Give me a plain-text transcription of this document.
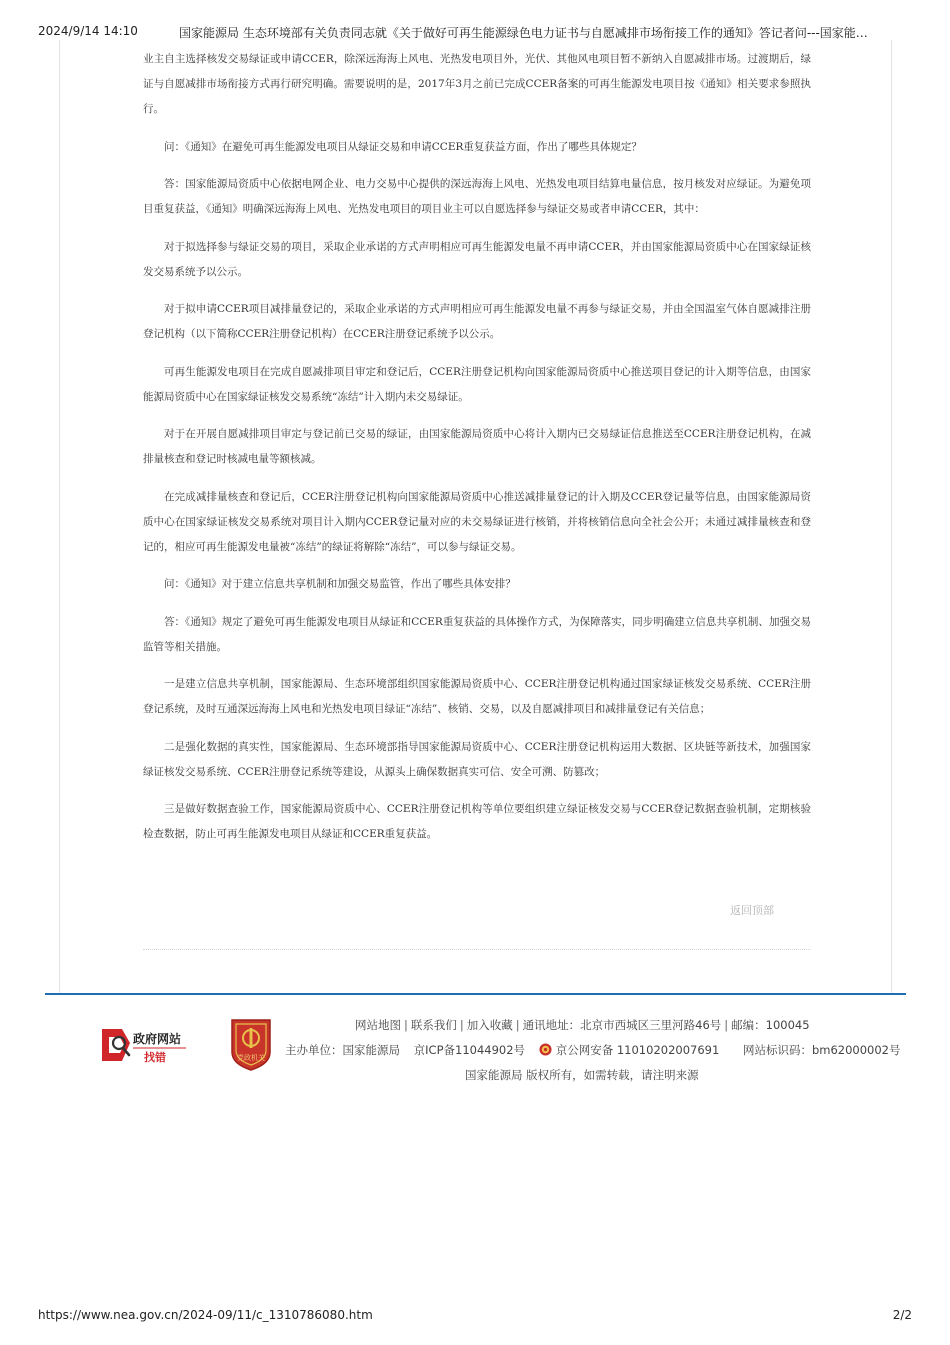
2024/9/14 14:10	国家能源局 生态环境部有关负责同志就《关于做好可再生能源绿色电力证书与自愿减排市场衔接工作的通知》答记者问---国家能…

业主自主选择核发交易绿证或申请CCER，除深远海海上风电、光热发电项目外，光伏、其他风电项目暂不新纳入自愿减排市场。过渡期后，绿证与自愿减排市场衔接方式再行研究明确。需要说明的是，2017年3月之前已完成CCER备案的可再生能源发电项目按《通知》相关要求参照执行。

问：《通知》在避免可再生能源发电项目从绿证交易和申请CCER重复获益方面，作出了哪些具体规定？

答：国家能源局资质中心依据电网企业、电力交易中心提供的深远海海上风电、光热发电项目结算电量信息，按月核发对应绿证。为避免项目重复获益，《通知》明确深远海海上风电、光热发电项目的项目业主可以自愿选择参与绿证交易或者申请CCER，其中：

对于拟选择参与绿证交易的项目，采取企业承诺的方式声明相应可再生能源发电量不再申请CCER，并由国家能源局资质中心在国家绿证核发交易系统予以公示。

对于拟申请CCER项目减排量登记的，采取企业承诺的方式声明相应可再生能源发电量不再参与绿证交易，并由全国温室气体自愿减排注册登记机构（以下简称CCER注册登记机构）在CCER注册登记系统予以公示。

可再生能源发电项目在完成自愿减排项目审定和登记后，CCER注册登记机构向国家能源局资质中心推送项目登记的计入期等信息，由国家能源局资质中心在国家绿证核发交易系统“冻结”计入期内未交易绿证。

对于在开展自愿减排项目审定与登记前已交易的绿证，由国家能源局资质中心将计入期内已交易绿证信息推送至CCER注册登记机构，在减排量核查和登记时核减电量等额核减。

在完成减排量核查和登记后，CCER注册登记机构向国家能源局资质中心推送减排量登记的计入期及CCER登记量等信息，由国家能源局资质中心在国家绿证核发交易系统对项目计入期内CCER登记量对应的未交易绿证进行核销，并将核销信息向全社会公开；未通过减排量核查和登记的，相应可再生能源发电量被“冻结”的绿证将解除“冻结”，可以参与绿证交易。

问：《通知》对于建立信息共享机制和加强交易监管，作出了哪些具体安排？

答：《通知》规定了避免可再生能源发电项目从绿证和CCER重复获益的具体操作方式，为保障落实，同步明确建立信息共享机制、加强交易监管等相关措施。

一是建立信息共享机制，国家能源局、生态环境部组织国家能源局资质中心、CCER注册登记机构通过国家绿证核发交易系统、CCER注册登记系统，及时互通深远海海上风电和光热发电项目绿证“冻结”、核销、交易，以及自愿减排项目和减排量登记有关信息；

二是强化数据的真实性，国家能源局、生态环境部指导国家能源局资质中心、CCER注册登记机构运用大数据、区块链等新技术，加强国家绿证核发交易系统、CCER注册登记系统等建设，从源头上确保数据真实可信、安全可溯、防篡改；

三是做好数据查验工作，国家能源局资质中心、CCER注册登记机构等单位要组织建立绿证核发交易与CCER登记数据查验机制，定期核验检查数据，防止可再生能源发电项目从绿证和CCER重复获益。

返回顶部
网站地图 | 联系我们 | 加入收藏 | 通讯地址：北京市西城区三里河路46号 | 邮编：100045
主办单位：国家能源局 京ICP备11044902号	京公网安备 11010202007691 网站标识码：bm62000002号
国家能源局 版权所有，如需转载，请注明来源
政府网站
找错	党政机关
https://www.nea.gov.cn/2024-09/11/c_1310786080.htm	2/2
